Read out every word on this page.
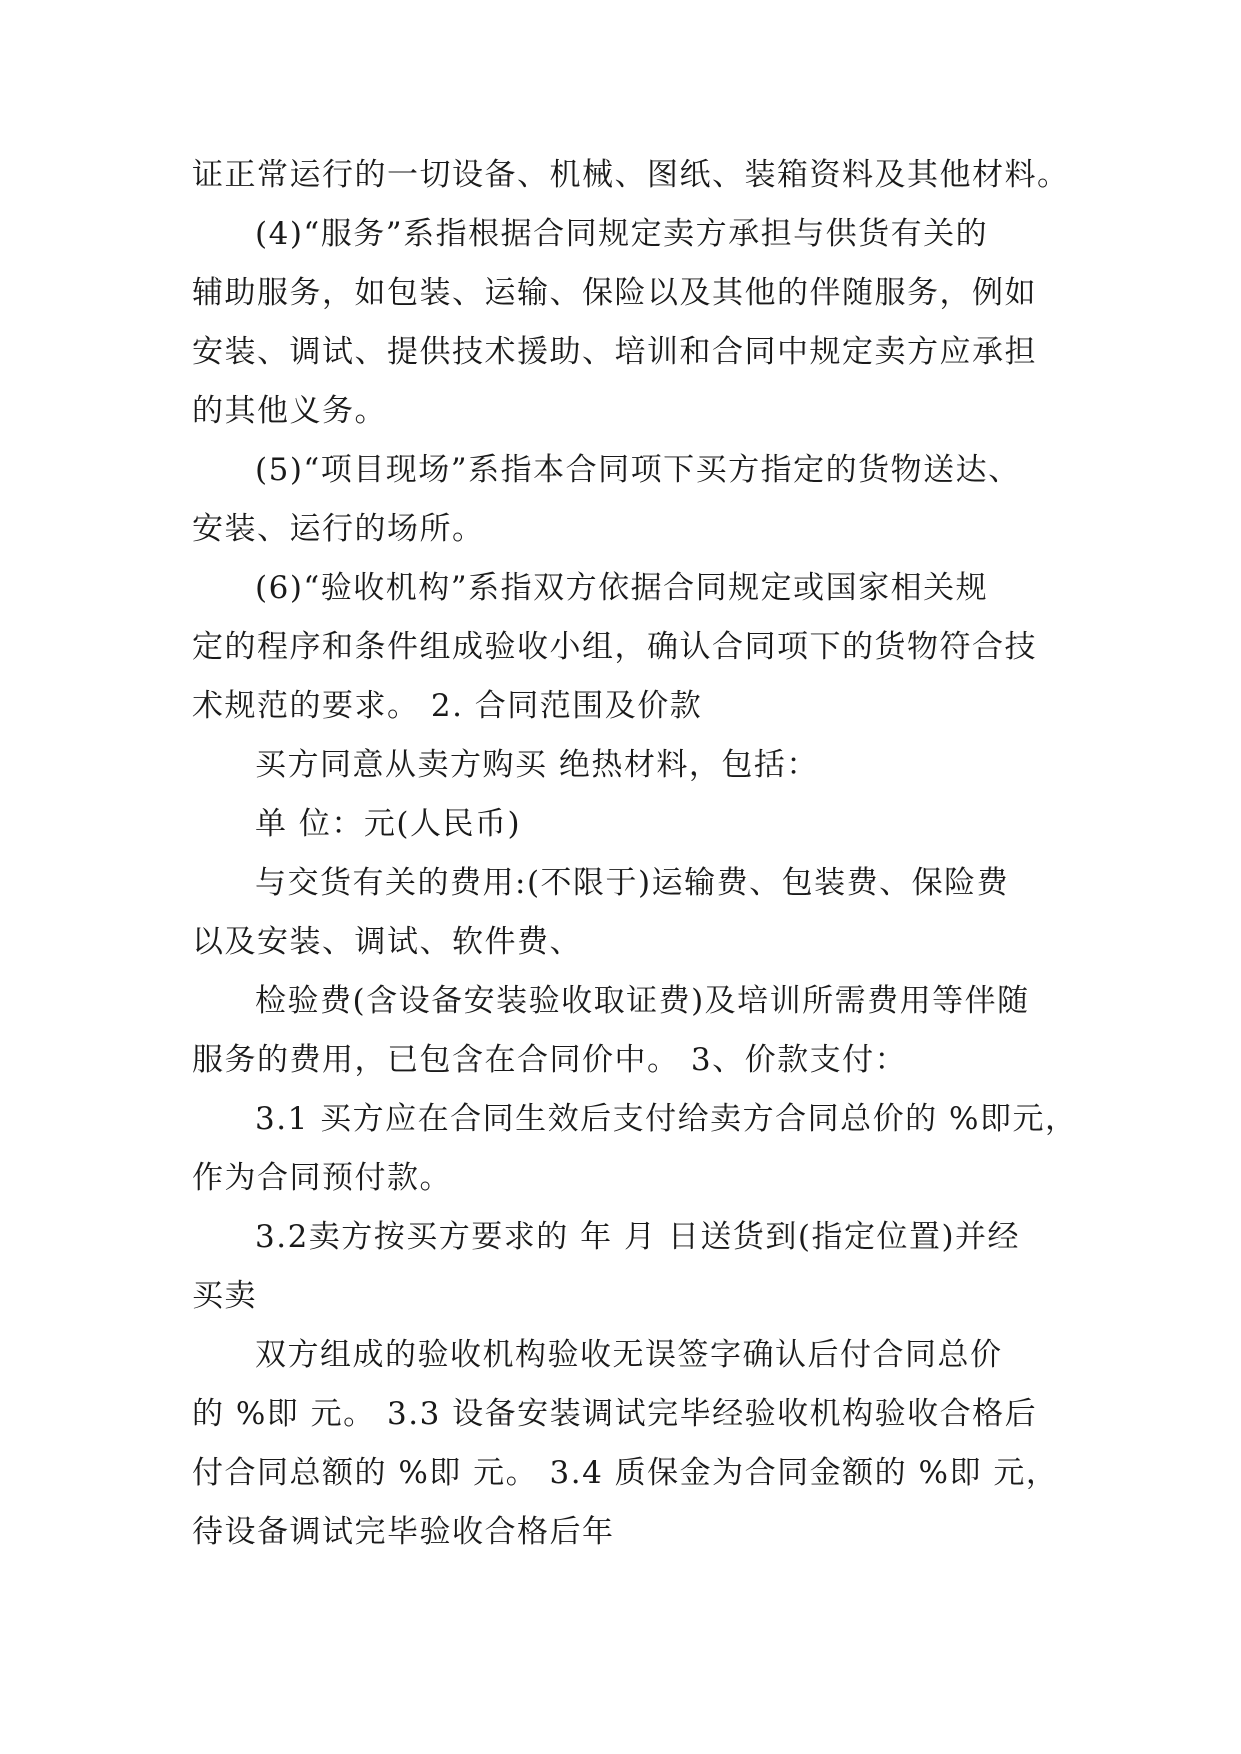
证正常运行的一切设备、机械、图纸、装箱资料及其他材料。
(4)“服务”系指根据合同规定卖方承担与供货有关的
辅助服务，如包装、运输、保险以及其他的伴随服务，例如
安装、调试、提供技术援助、培训和合同中规定卖方应承担
的其他义务。
(5)“项目现场”系指本合同项下买方指定的货物送达、
安装、运行的场所。
(6)“验收机构”系指双方依据合同规定或国家相关规
定的程序和条件组成验收小组，确认合同项下的货物符合技
术规范的要求。 2. 合同范围及价款
买方同意从卖方购买 绝热材料，包括：
单 位：元(人民币)
与交货有关的费用:(不限于)运输费、包装费、保险费
以及安装、调试、软件费、
检验费(含设备安装验收取证费)及培训所需费用等伴随
服务的费用，已包含在合同价中。 3、价款支付：
3.1 买方应在合同生效后支付给卖方合同总价的 %即元，
作为合同预付款。
3.2卖方按买方要求的 年 月 日送货到(指定位置)并经
买卖
双方组成的验收机构验收无误签字确认后付合同总价
的 %即 元。 3.3 设备安装调试完毕经验收机构验收合格后
付合同总额的 %即 元。 3.4 质保金为合同金额的 %即 元，
待设备调试完毕验收合格后年
